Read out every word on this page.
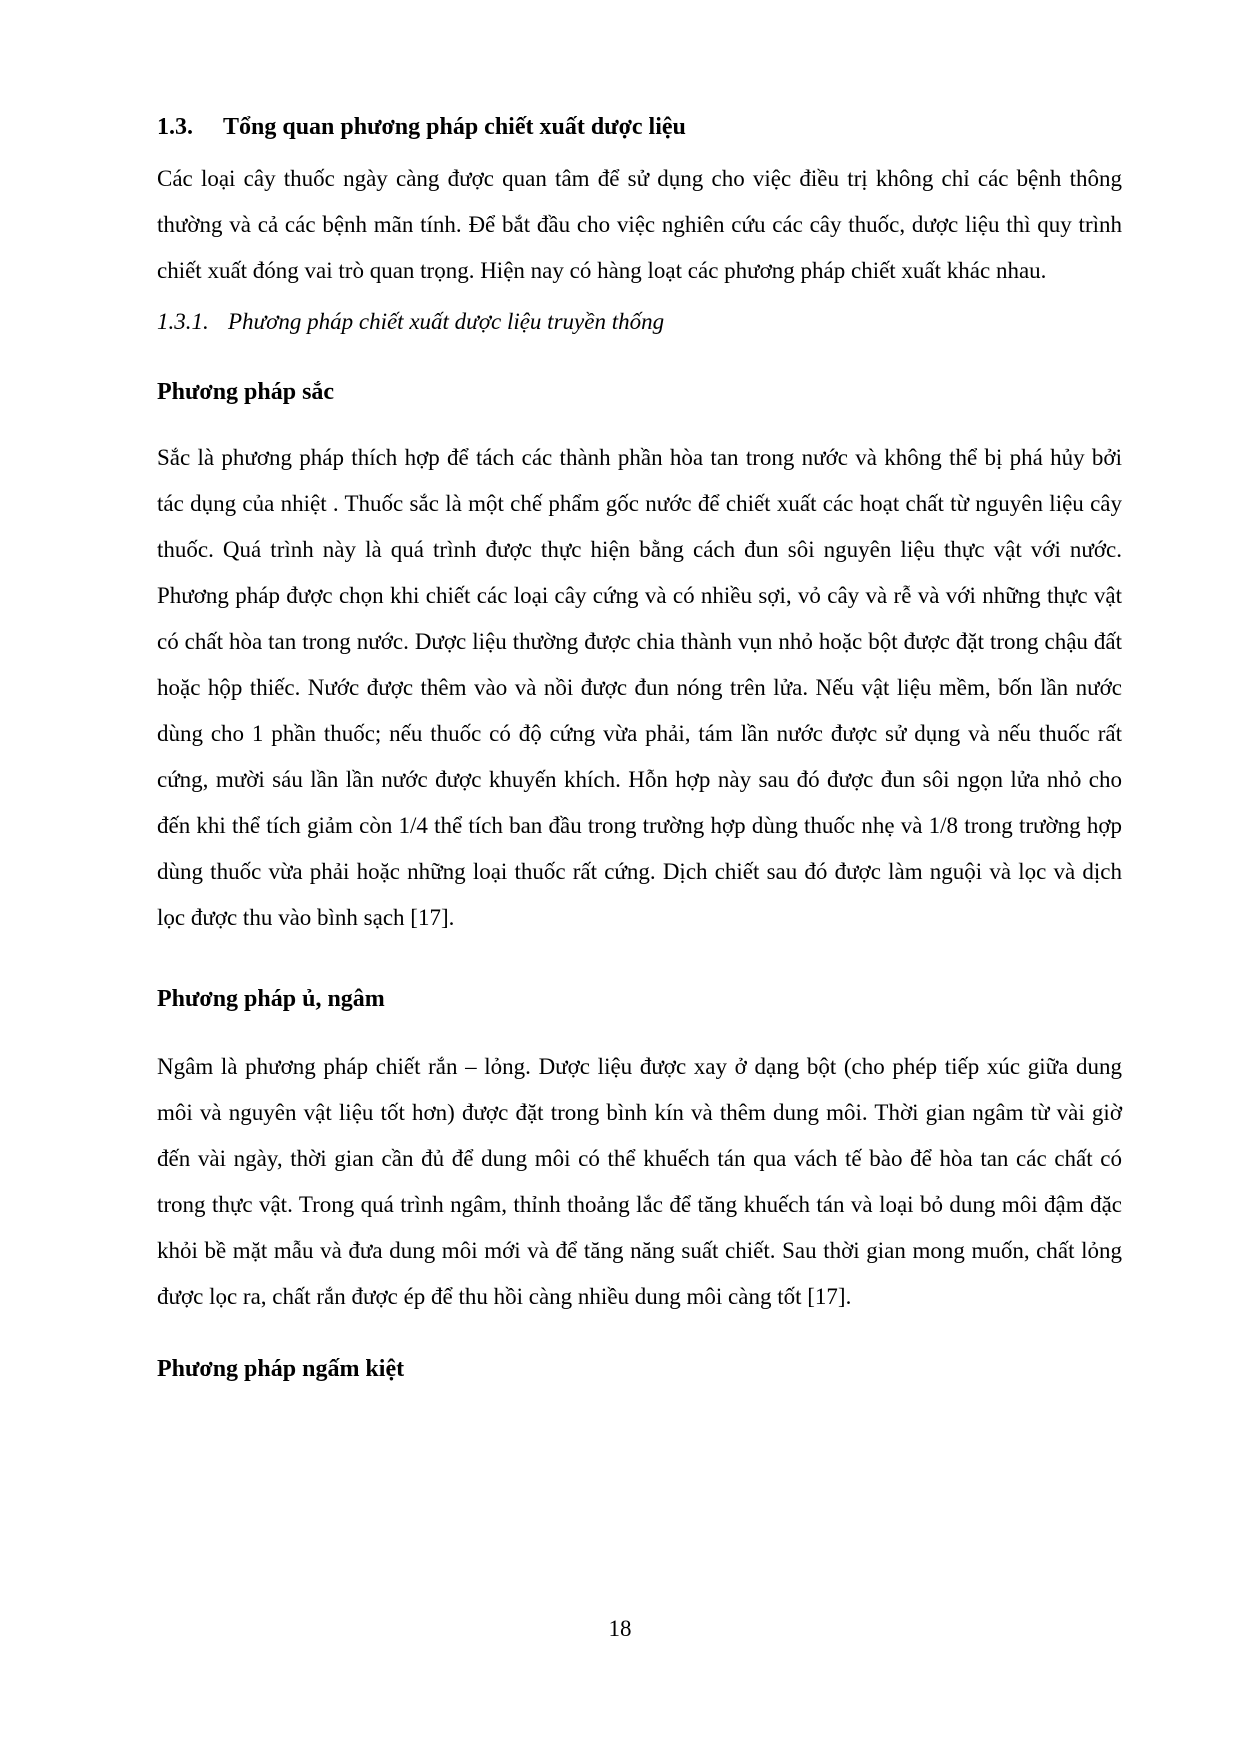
1.3. Tổng quan phương pháp chiết xuất dược liệu

Các loại cây thuốc ngày càng được quan tâm để sử dụng cho việc điều trị không chỉ các bệnh thông thường và cả các bệnh mãn tính. Để bắt đầu cho việc nghiên cứu các cây thuốc, dược liệu thì quy trình chiết xuất đóng vai trò quan trọng. Hiện nay có hàng loạt các phương pháp chiết xuất khác nhau.

1.3.1. Phương pháp chiết xuất dược liệu truyền thống
Phương pháp sắc

Sắc là phương pháp thích hợp để tách các thành phần hòa tan trong nước và không thể bị phá hủy bởi tác dụng của nhiệt . Thuốc sắc là một chế phẩm gốc nước để chiết xuất các hoạt chất từ nguyên liệu cây thuốc. Quá trình này là quá trình được thực hiện bằng cách đun sôi nguyên liệu thực vật với nước. Phương pháp được chọn khi chiết các loại cây cứng và có nhiều sợi, vỏ cây và rễ và với những thực vật có chất hòa tan trong nước. Dược liệu thường được chia thành vụn nhỏ hoặc bột được đặt trong chậu đất hoặc hộp thiếc. Nước được thêm vào và nồi được đun nóng trên lửa. Nếu vật liệu mềm, bốn lần nước dùng cho 1 phần thuốc; nếu thuốc có độ cứng vừa phải, tám lần nước được sử dụng và nếu thuốc rất cứng, mười sáu lần lần nước được khuyến khích. Hỗn hợp này sau đó được đun sôi ngọn lửa nhỏ cho đến khi thể tích giảm còn 1/4 thể tích ban đầu trong trường hợp dùng thuốc nhẹ và 1/8 trong trường hợp dùng thuốc vừa phải hoặc những loại thuốc rất cứng. Dịch chiết sau đó được làm nguội và lọc và dịch lọc được thu vào bình sạch [17].

Phương pháp ủ, ngâm

Ngâm là phương pháp chiết rắn – lỏng. Dược liệu được xay ở dạng bột (cho phép tiếp xúc giữa dung môi và nguyên vật liệu tốt hơn) được đặt trong bình kín và thêm dung môi. Thời gian ngâm từ vài giờ đến vài ngày, thời gian cần đủ để dung môi có thể khuếch tán qua vách tế bào để hòa tan các chất có trong thực vật. Trong quá trình ngâm, thỉnh thoảng lắc để tăng khuếch tán và loại bỏ dung môi đậm đặc khỏi bề mặt mẫu và đưa dung môi mới và để tăng năng suất chiết. Sau thời gian mong muốn, chất lỏng được lọc ra, chất rắn được ép để thu hồi càng nhiều dung môi càng tốt [17].

Phương pháp ngấm kiệt
18
